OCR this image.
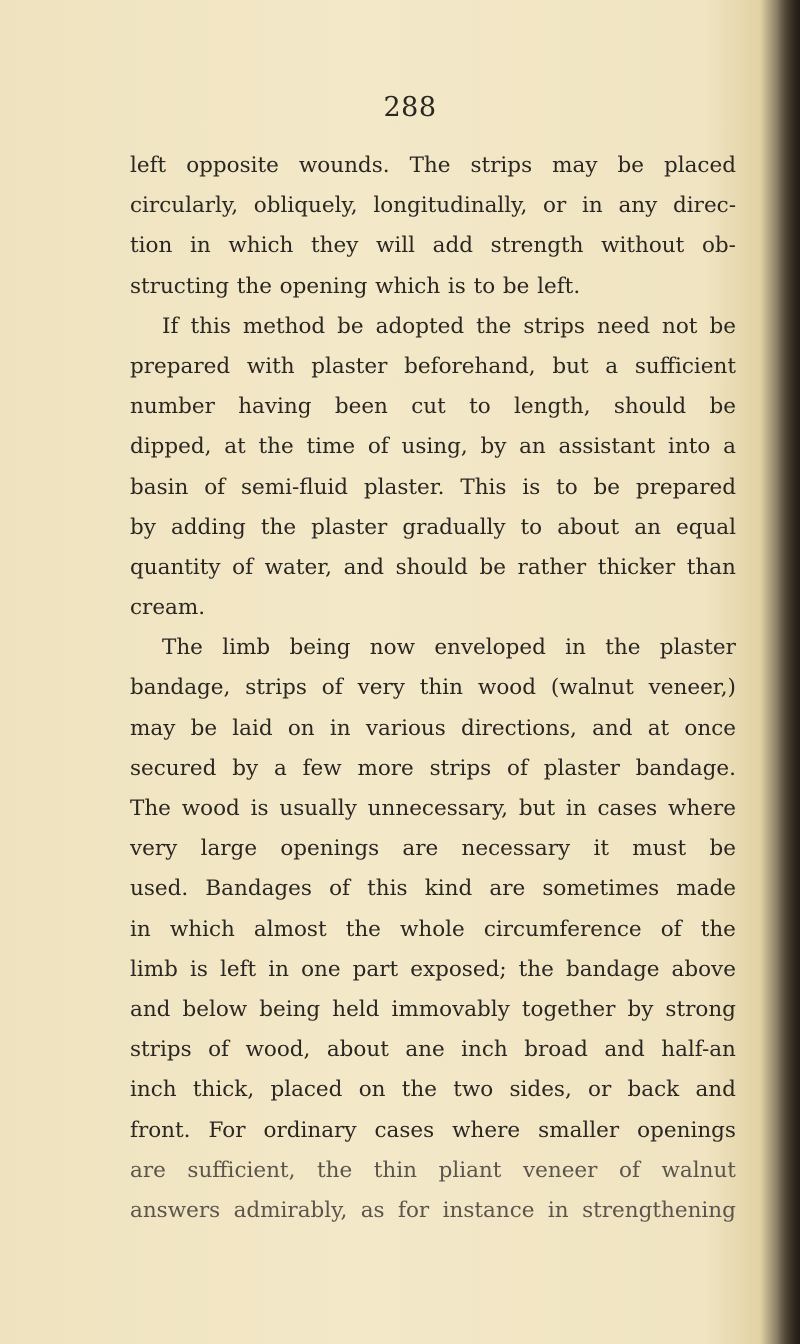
288
left opposite wounds. The strips may be placed
circularly, obliquely, longitudinally, or in any direc-
tion in which they will add strength without ob-
structing the opening which is to be left.
If this method be adopted the strips need not be
prepared with plaster beforehand, but a sufficient
number having been cut to length, should be
dipped, at the time of using, by an assistant into a
basin of semi-fluid plaster. This is to be prepared
by adding the plaster gradually to about an equal
quantity of water, and should be rather thicker than
cream.
The limb being now enveloped in the plaster
bandage, strips of very thin wood (walnut veneer,)
may be laid on in various directions, and at once
secured by a few more strips of plaster bandage.
The wood is usually unnecessary, but in cases where
very large openings are necessary it must be
used. Bandages of this kind are sometimes made
in which almost the whole circumference of the
limb is left in one part exposed; the bandage above
and below being held immovably together by strong
strips of wood, about ane inch broad and half-an
inch thick, placed on the two sides, or back and
front. For ordinary cases where smaller openings
are sufficient, the thin pliant veneer of walnut
answers admirably, as for instance in strengthening
